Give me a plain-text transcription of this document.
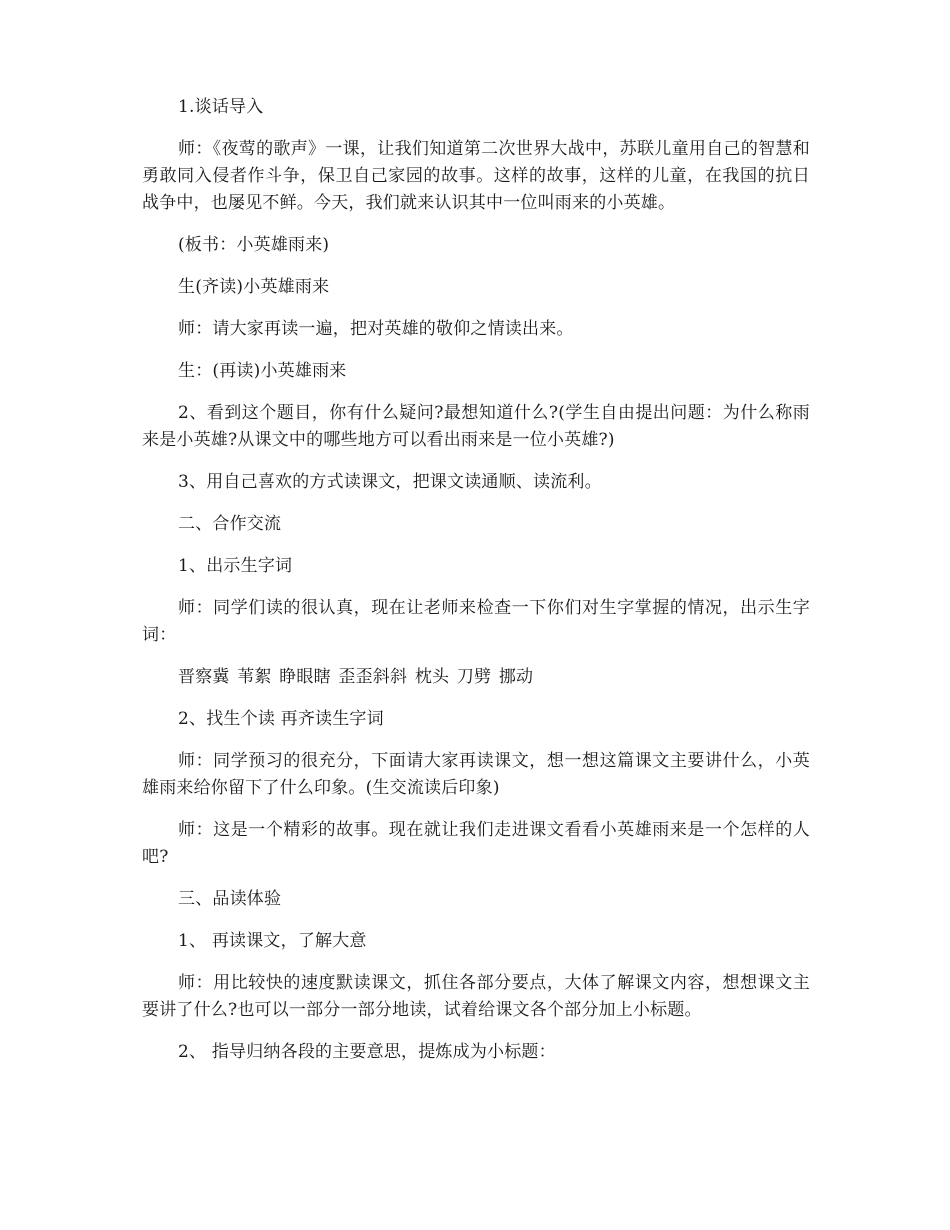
1.谈话导入

师：《夜莺的歌声》一课，让我们知道第二次世界大战中，苏联儿童用自己的智慧和勇敢同入侵者作斗争，保卫自己家园的故事。这样的故事，这样的儿童，在我国的抗日战争中，也屡见不鲜。今天，我们就来认识其中一位叫雨来的小英雄。

(板书：小英雄雨来)

生(齐读)小英雄雨来

师：请大家再读一遍，把对英雄的敬仰之情读出来。

生：(再读)小英雄雨来

2、看到这个题目，你有什么疑问?最想知道什么?(学生自由提出问题：为什么称雨来是小英雄?从课文中的哪些地方可以看出雨来是一位小英雄?)

3、用自己喜欢的方式读课文，把课文读通顺、读流利。

二、合作交流

1、出示生字词

师：同学们读的很认真，现在让老师来检查一下你们对生字掌握的情况，出示生字词：

晋察冀 苇絮 睁眼瞎 歪歪斜斜 枕头 刀劈 挪动

2、找生个读 再齐读生字词

师：同学预习的很充分，下面请大家再读课文，想一想这篇课文主要讲什么，小英雄雨来给你留下了什么印象。(生交流读后印象)

师：这是一个精彩的故事。现在就让我们走进课文看看小英雄雨来是一个怎样的人吧?

三、品读体验

1、 再读课文，了解大意

师：用比较快的速度默读课文，抓住各部分要点，大体了解课文内容，想想课文主要讲了什么?也可以一部分一部分地读，试着给课文各个部分加上小标题。

2、 指导归纳各段的主要意思，提炼成为小标题：
